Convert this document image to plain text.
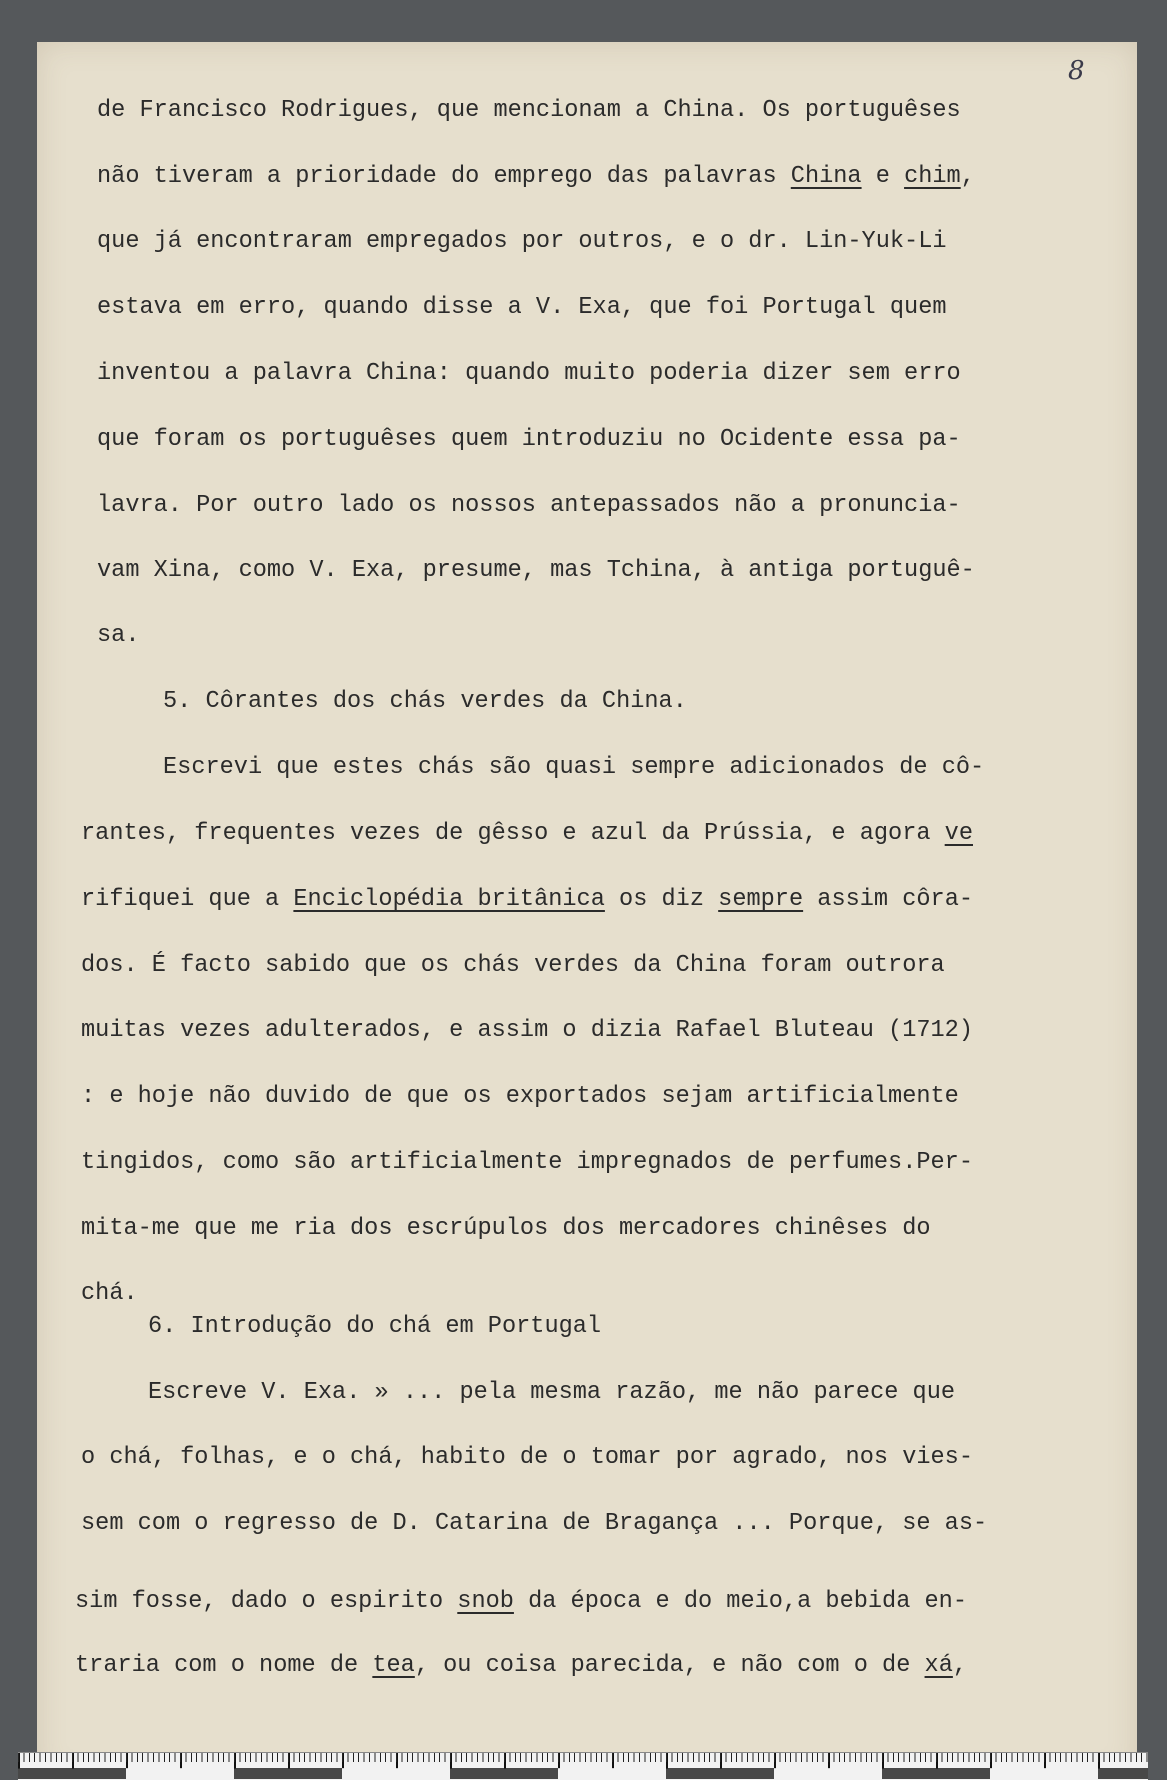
8

de Francisco Rodrigues, que mencionam a China. Os portuguêses

não tiveram a prioridade do emprego das palavras China e chim,

que já encontraram empregados por outros, e o dr. Lin-Yuk-Li

estava em erro, quando disse a V. Exa, que foi Portugal quem

inventou a palavra China: quando muito poderia dizer sem erro

que foram os portuguêses quem introduziu no Ocidente essa pa-

lavra. Por outro lado os nossos antepassados não a pronuncia-

vam Xina, como V. Exa, presume, mas Tchina, à antiga portuguê-

sa.

5. Côrantes dos chás verdes da China.

Escrevi que estes chás são quasi sempre adicionados de cô-

rantes, frequentes vezes de gêsso e azul da Prússia, e agora ve

rifiquei que a Enciclopédia britânica os diz sempre assim côra-

dos. É facto sabido que os chás verdes da China foram outrora

muitas vezes adulterados, e assim o dizia Rafael Bluteau (1712)

: e hoje não duvido de que os exportados sejam artificialmente

tingidos, como são artificialmente impregnados de perfumes.Per-

mita-me que me ria dos escrúpulos dos mercadores chinêses do

chá.

6. Introdução do chá em Portugal

Escreve V. Exa. » ... pela mesma razão, me não parece que

o chá, folhas, e o chá, habito de o tomar por agrado, nos vies-

sem com o regresso de D. Catarina de Bragança ... Porque, se as-

sim fosse, dado o espirito snob da época e do meio,a bebida en-

traria com o nome de tea, ou coisa parecida, e não com o de xá,
